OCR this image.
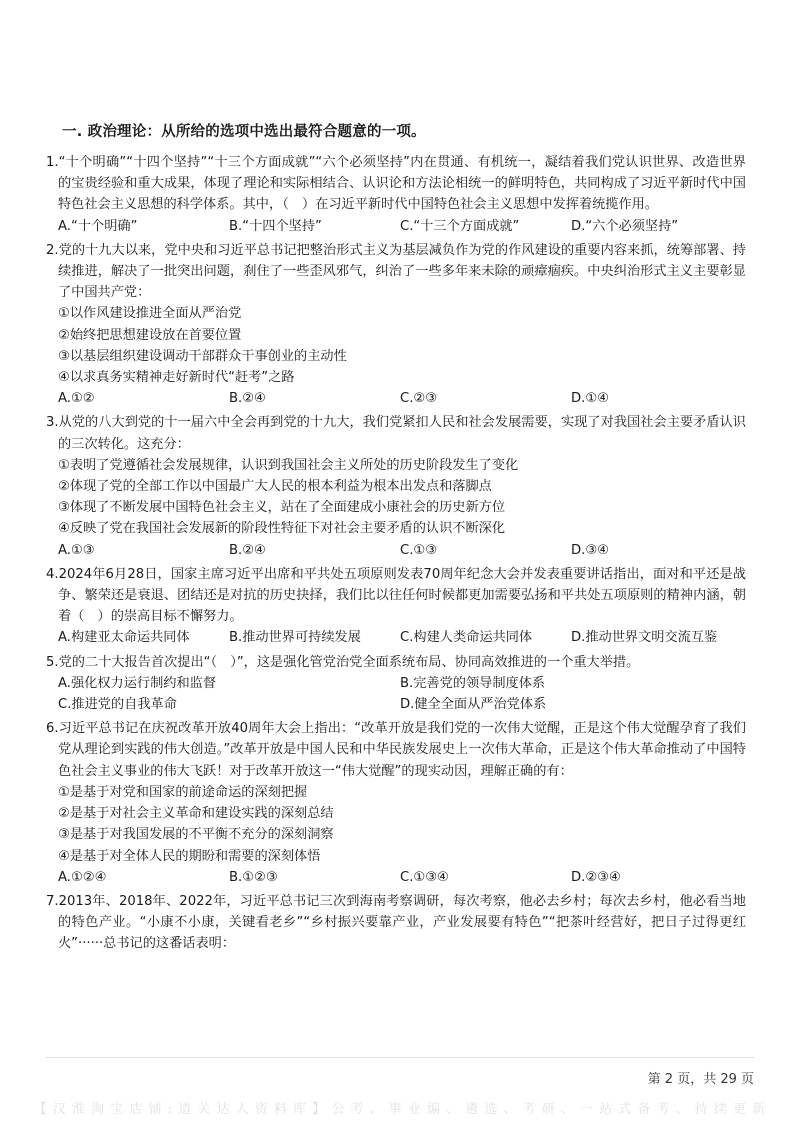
一. 政治理论：从所给的选项中选出最符合题意的一项。

1.“十个明确”“十四个坚持”“十三个方面成就”“六个必须坚持”内在贯通、有机统一，凝结着我们党认识世界、改造世界的宝贵经验和重大成果，体现了理论和实际相结合、认识论和方法论相统一的鲜明特色，共同构成了习近平新时代中国特色社会主义思想的科学体系。其中，（　）在习近平新时代中国特色社会主义思想中发挥着统揽作用。

A.“十个明确”	B.“十四个坚持”	C.“十三个方面成就”	D.“六个必须坚持”

2.党的十九大以来，党中央和习近平总书记把整治形式主义为基层减负作为党的作风建设的重要内容来抓，统筹部署、持续推进，解决了一批突出问题，刹住了一些歪风邪气，纠治了一些多年来未除的顽瘴痼疾。中央纠治形式主义主要彰显了中国共产党：

①以作风建设推进全面从严治党

②始终把思想建设放在首要位置

③以基层组织建设调动干部群众干事创业的主动性

④以求真务实精神走好新时代“赶考”之路

A.①②	B.②④	C.②③	D.①④

3.从党的八大到党的十一届六中全会再到党的十九大，我们党紧扣人民和社会发展需要，实现了对我国社会主要矛盾认识的三次转化。这充分：

①表明了党遵循社会发展规律，认识到我国社会主义所处的历史阶段发生了变化

②体现了党的全部工作以中国最广大人民的根本利益为根本出发点和落脚点

③体现了不断发展中国特色社会主义，站在了全面建成小康社会的历史新方位

④反映了党在我国社会发展新的阶段性特征下对社会主要矛盾的认识不断深化

A.①③	B.②④	C.①③	D.③④

4.2024年6月28日，国家主席习近平出席和平共处五项原则发表70周年纪念大会并发表重要讲话指出，面对和平还是战争、繁荣还是衰退、团结还是对抗的历史抉择，我们比以往任何时候都更加需要弘扬和平共处五项原则的精神内涵，朝着（　）的崇高目标不懈努力。

A.构建亚太命运共同体	B.推动世界可持续发展	C.构建人类命运共同体	D.推动世界文明交流互鉴

5.党的二十大报告首次提出“（　）”，这是强化管党治党全面系统布局、协同高效推进的一个重大举措。

A.强化权力运行制约和监督	B.完善党的领导制度体系
C.推进党的自我革命	D.健全全面从严治党体系

6.习近平总书记在庆祝改革开放40周年大会上指出：“改革开放是我们党的一次伟大觉醒，正是这个伟大觉醒孕育了我们党从理论到实践的伟大创造。”改革开放是中国人民和中华民族发展史上一次伟大革命，正是这个伟大革命推动了中国特色社会主义事业的伟大飞跃！对于改革开放这一“伟大觉醒”的现实动因，理解正确的有：

①是基于对党和国家的前途命运的深刻把握

②是基于对社会主义革命和建设实践的深刻总结

③是基于对我国发展的不平衡不充分的深刻洞察

④是基于对全体人民的期盼和需要的深刻体悟

A.①②④	B.①②③	C.①③④	D.②③④

7.2013年、2018年、2022年，习近平总书记三次到海南考察调研，每次考察，他必去乡村；每次去乡村，他必看当地的特色产业。“小康不小康，关键看老乡”“乡村振兴要靠产业，产业发展要有特色”“把茶叶经营好，把日子过得更红火”······总书记的这番话表明：

第 2 页，共 29 页
【 汉 淮 淘 宝 店 铺 : 道 关 达 人 资 料 库 】 公 考 、 事 业 编 、 遴 选 、 考 研 、 一 站 式 备 考 、 持 续 更 新
